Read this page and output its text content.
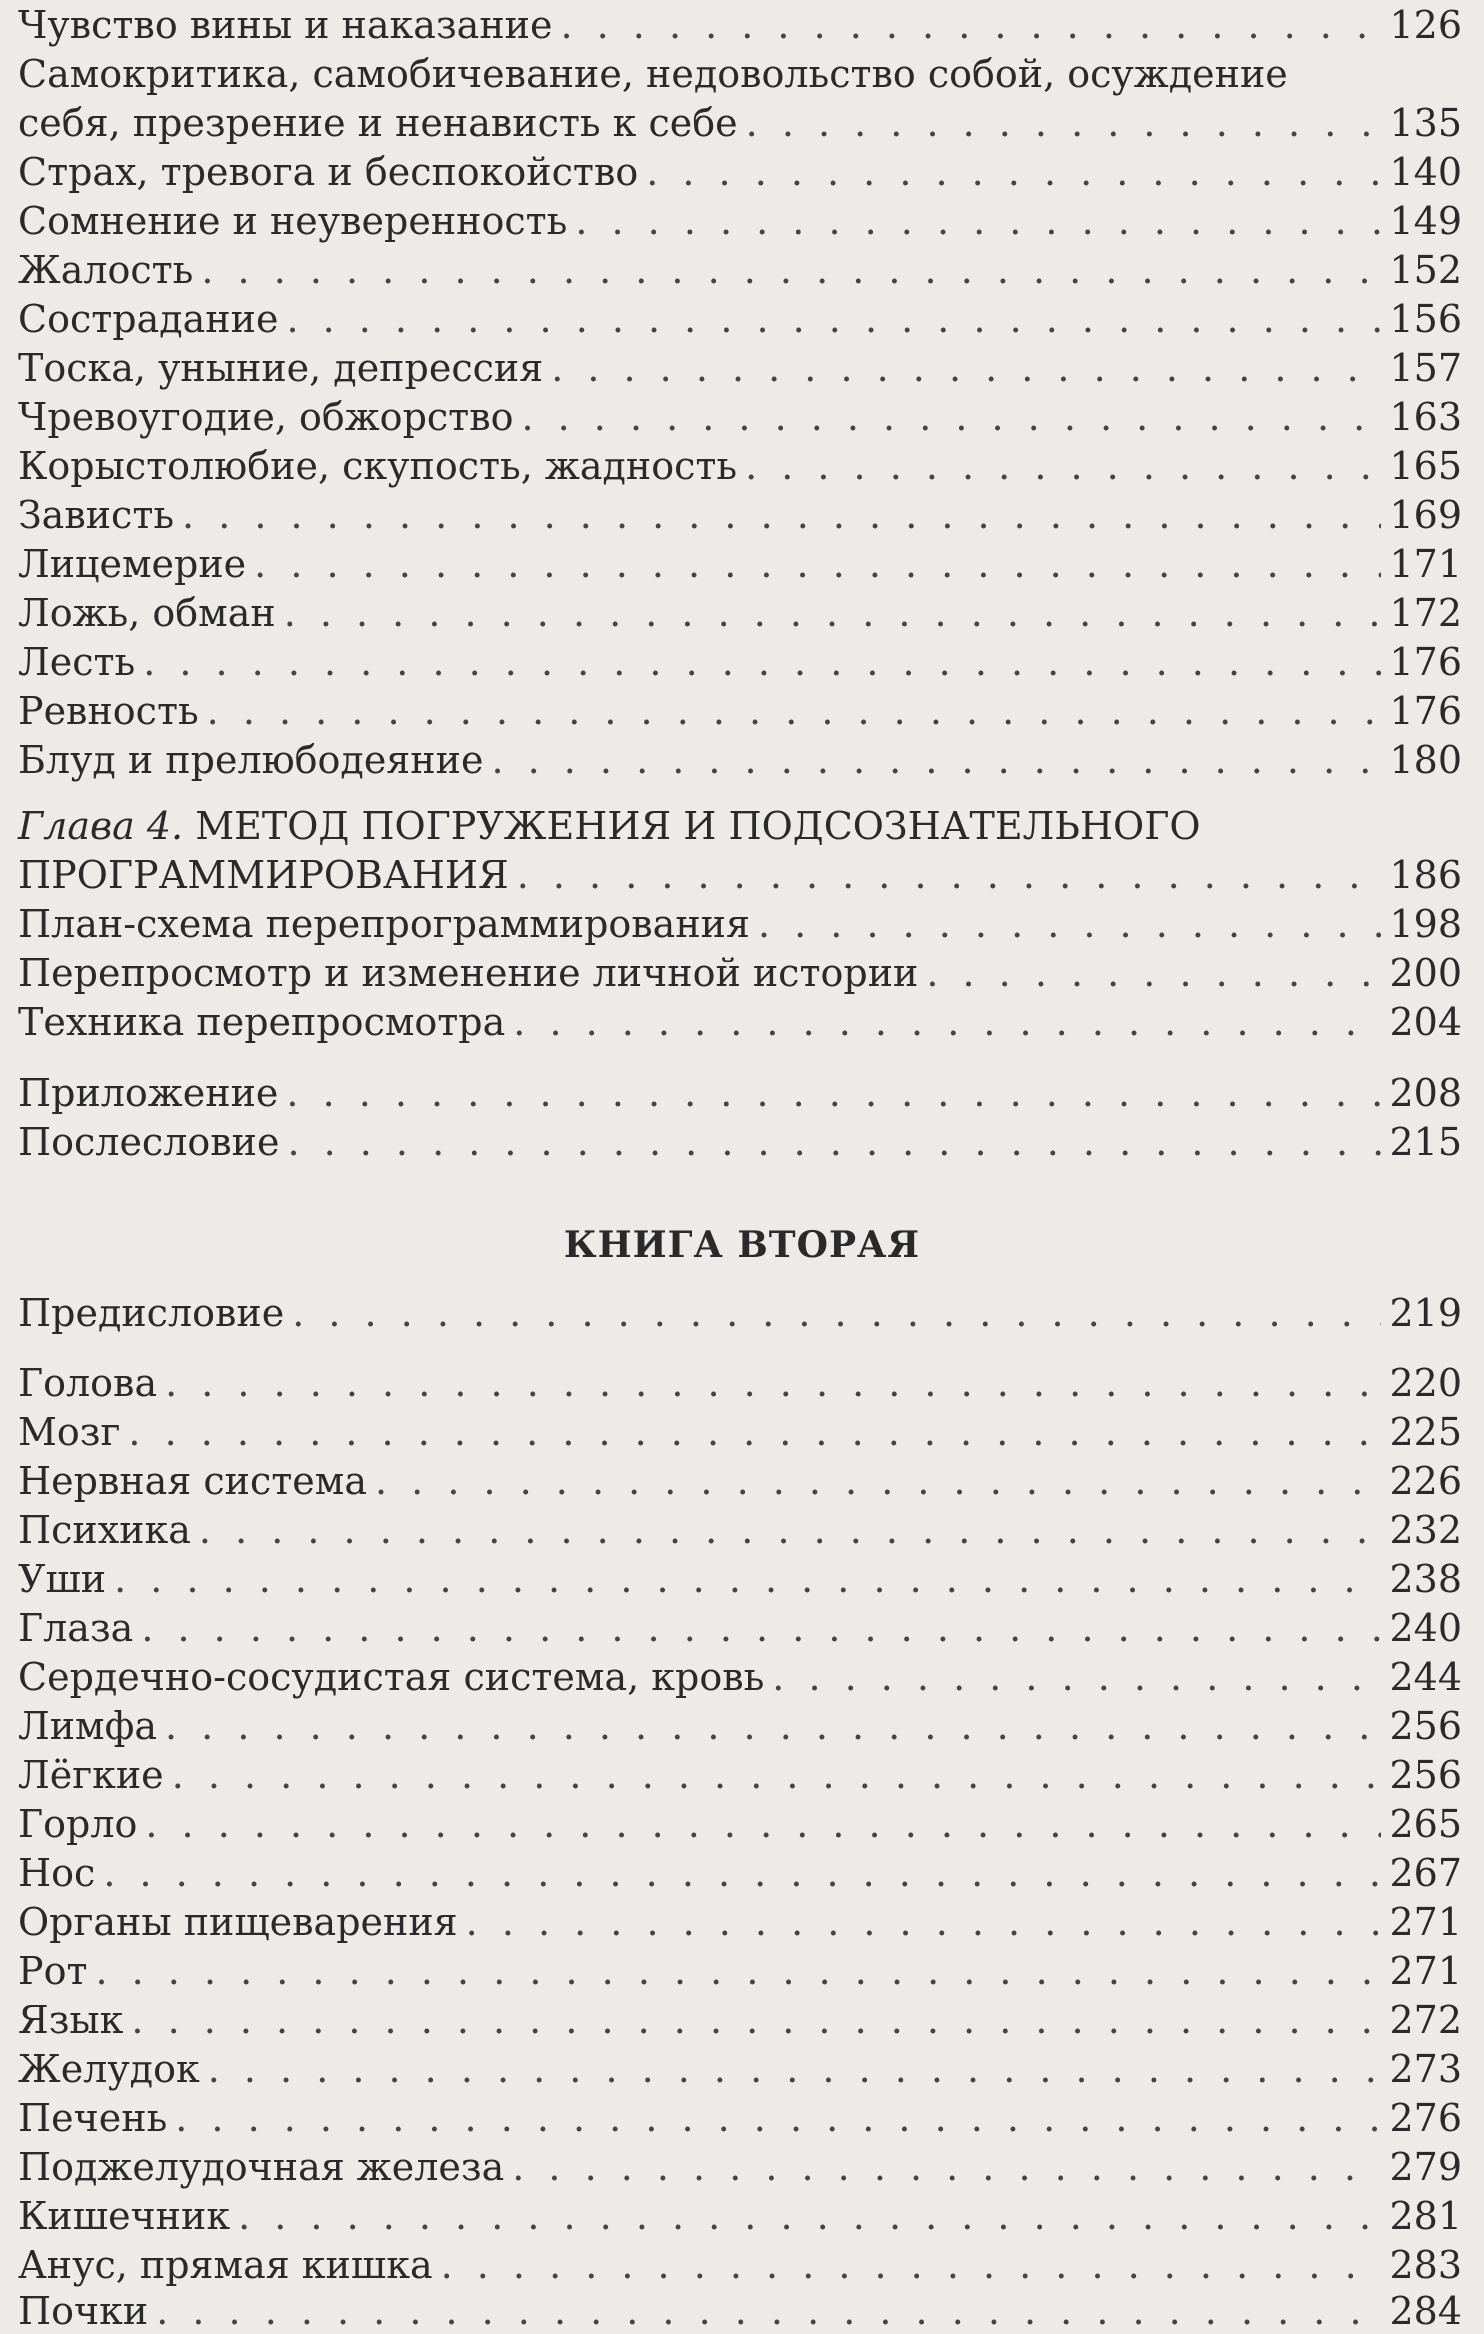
Чувство вины и наказание . . .	126
Самокритика, самобичевание, недовольство собой, осуждение
себя, презрение и ненависть к себе . . .	135
Страх, тревога и беспокойство . . .	140
Сомнение и неуверенность . . .	149
Жалость . . .	152
Сострадание . . .	156
Тоска, уныние, депрессия . . .	157
Чревоугодие, обжорство . . .	163
Корыстолюбие, скупость, жадность . . .	165
Зависть . . .	169
Лицемерие . . .	171
Ложь, обман . . .	172
Лесть . . .	176
Ревность . . .	176
Блуд и прелюбодеяние . . .	180
Глава 4. МЕТОД ПОГРУЖЕНИЯ И ПОДСОЗНАТЕЛЬНОГО
ПРОГРАММИРОВАНИЯ . . .	186
План-схема перепрограммирования . . .	198
Перепросмотр и изменение личной истории . . .	200
Техника перепросмотра . . .	204
Приложение . . .	208
Послесловие . . .	215
КНИГА ВТОРАЯ
Предисловие . . .	219
Голова . . .	220
Мозг . . .	225
Нервная система . . .	226
Психика . . .	232
Уши . . .	238
Глаза . . .	240
Сердечно-сосудистая система, кровь . . .	244
Лимфа . . .	256
Лёгкие . . .	256
Горло . . .	265
Нос . . .	267
Органы пищеварения . . .	271
Рот . . .	271
Язык . . .	272
Желудок . . .	273
Печень . . .	276
Поджелудочная железа . . .	279
Кишечник . . .	281
Анус, прямая кишка . . .	283
Почки . . .	284
